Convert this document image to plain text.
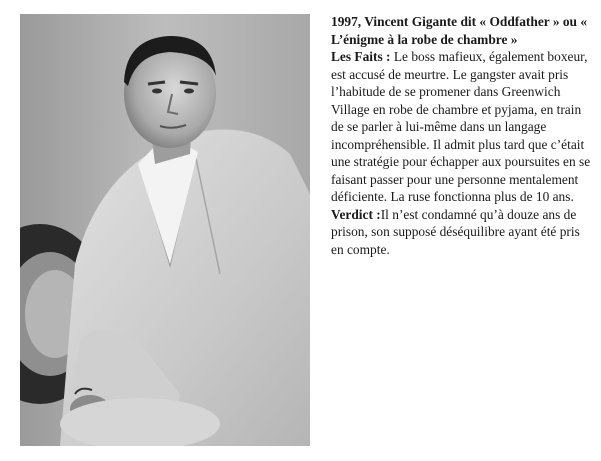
1997, Vincent Gigante dit « Oddfather » ou « L’énigme à la robe de chambre »

Les Faits : Le boss mafieux, également boxeur, est accusé de meurtre. Le gangster avait pris l’habitude de se promener dans Greenwich Village en robe de chambre et pyjama, en train de se parler à lui-même dans un langage incompréhensible. Il admit plus tard que c’était une stratégie pour échapper aux poursuites en se faisant passer pour une personne mentalement déficiente. La ruse fonctionna plus de 10 ans.

Verdict :Il n’est condamné qu’à douze ans de prison, son supposé déséquilibre ayant été pris en compte.
